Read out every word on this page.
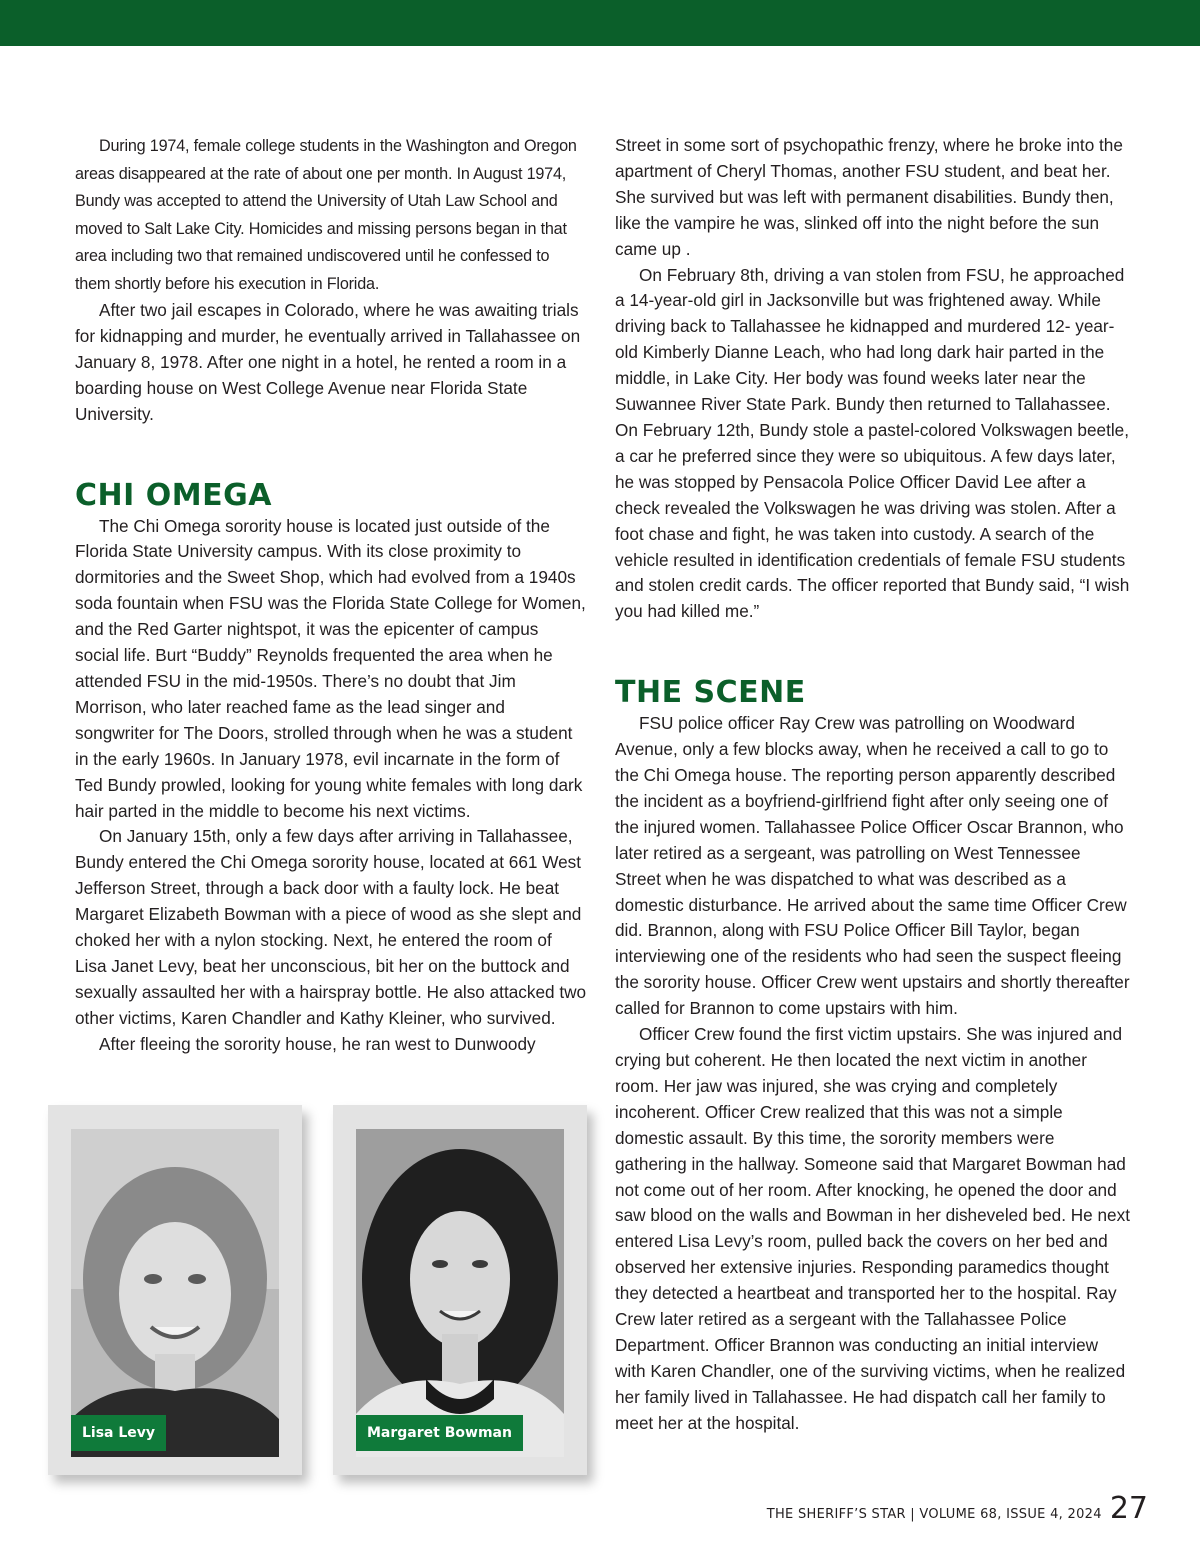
During 1974, female college students in the Washington and Oregon areas disappeared at the rate of about one per month. In August 1974, Bundy was accepted to attend the University of Utah Law School and moved to Salt Lake City. Homicides and missing persons began in that area including two that remained undiscovered until he confessed to them shortly before his execution in Florida.

After two jail escapes in Colorado, where he was awaiting trials for kidnapping and murder, he eventually arrived in Tallahassee on January 8, 1978. After one night in a hotel, he rented a room in a boarding house on West College Avenue near Florida State University.

CHI OMEGA

The Chi Omega sorority house is located just outside of the Florida State University campus. With its close proximity to dormitories and the Sweet Shop, which had evolved from a 1940s soda fountain when FSU was the Florida State College for Women, and the Red Garter nightspot, it was the epicenter of campus social life. Burt “Buddy” Reynolds frequented the area when he attended FSU in the mid-1950s. There’s no doubt that Jim Morrison, who later reached fame as the lead singer and songwriter for The Doors, strolled through when he was a student in the early 1960s. In January 1978, evil incarnate in the form of Ted Bundy prowled, looking for young white females with long dark hair parted in the middle to become his next victims.

On January 15th, only a few days after arriving in Tallahassee, Bundy entered the Chi Omega sorority house, located at 661 West Jefferson Street, through a back door with a faulty lock. He beat Margaret Elizabeth Bowman with a piece of wood as she slept and choked her with a nylon stocking. Next, he entered the room of Lisa Janet Levy, beat her unconscious, bit her on the buttock and sexually assaulted her with a hairspray bottle. He also attacked two other victims, Karen Chandler and Kathy Kleiner, who survived.

After fleeing the sorority house, he ran west to Dunwoody

Street in some sort of psychopathic frenzy, where he broke into the apartment of Cheryl Thomas, another FSU student, and beat her. She survived but was left with permanent disabilities. Bundy then, like the vampire he was, slinked off into the night before the sun came up .

On February 8th, driving a van stolen from FSU, he approached a 14-year-old girl in Jacksonville but was frightened away. While driving back to Tallahassee he kidnapped and murdered 12- year-old Kimberly Dianne Leach, who had long dark hair parted in the middle, in Lake City. Her body was found weeks later near the Suwannee River State Park. Bundy then returned to Tallahassee. On February 12th, Bundy stole a pastel-colored Volkswagen beetle, a car he preferred since they were so ubiquitous. A few days later, he was stopped by Pensacola Police Officer David Lee after a check revealed the Volkswagen he was driving was stolen. After a foot chase and fight, he was taken into custody. A search of the vehicle resulted in identification credentials of female FSU students and stolen credit cards. The officer reported that Bundy said, “I wish you had killed me.”

THE SCENE

FSU police officer Ray Crew was patrolling on Woodward Avenue, only a few blocks away, when he received a call to go to the Chi Omega house. The reporting person apparently described the incident as a boyfriend-girlfriend fight after only seeing one of the injured women. Tallahassee Police Officer Oscar Brannon, who later retired as a sergeant, was patrolling on West Tennessee Street when he was dispatched to what was described as a domestic disturbance. He arrived about the same time Officer Crew did. Brannon, along with FSU Police Officer Bill Taylor, began interviewing one of the residents who had seen the suspect fleeing the sorority house. Officer Crew went upstairs and shortly thereafter called for Brannon to come upstairs with him.

Officer Crew found the first victim upstairs. She was injured and crying but coherent. He then located the next victim in another room. Her jaw was injured, she was crying and completely incoherent. Officer Crew realized that this was not a simple domestic assault. By this time, the sorority members were gathering in the hallway. Someone said that Margaret Bowman had not come out of her room. After knocking, he opened the door and saw blood on the walls and Bowman in her disheveled bed. He next entered Lisa Levy’s room, pulled back the covers on her bed and observed her extensive injuries. Responding paramedics thought they detected a heartbeat and transported her to the hospital. Ray Crew later retired as a sergeant with the Tallahassee Police Department. Officer Brannon was conducting an initial interview with Karen Chandler, one of the surviving victims, when he realized her family lived in Tallahassee. He had dispatch call her family to meet her at the hospital.

Lisa Levy	Margaret Bowman
THE SHERIFF’S STAR | VOLUME 68, ISSUE 4, 2024 27
